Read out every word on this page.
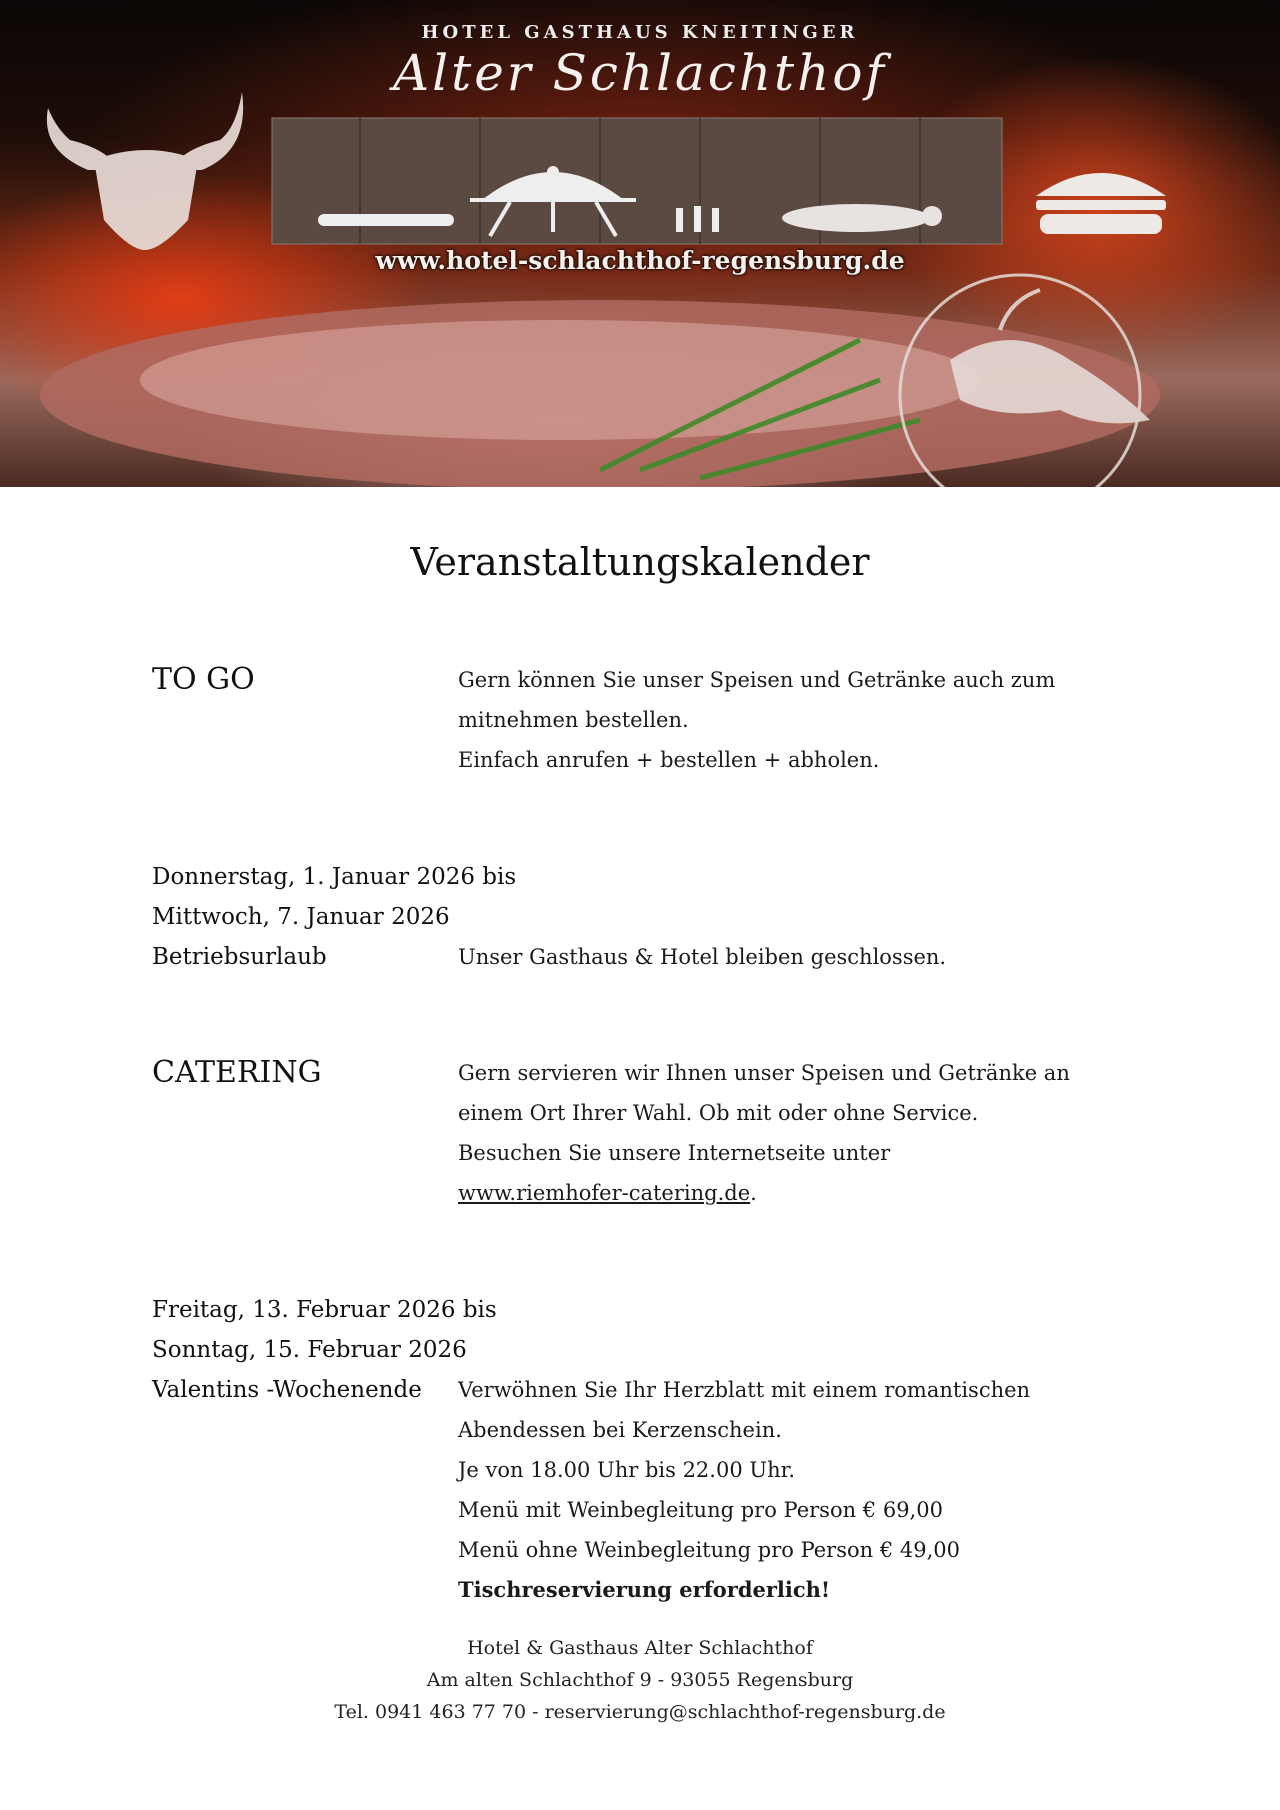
HOTEL GASTHAUS KNEITINGER
Alter Schlachthof
www.hotel-schlachthof-regensburg.de
Veranstaltungskalender
TO GO	Gern können Sie unser Speisen und Getränke auch zum
mitnehmen bestellen.
Einfach anrufen + bestellen + abholen.
Donnerstag, 1. Januar 2026 bis
Mittwoch, 7. Januar 2026
Betriebsurlaub	Unser Gasthaus & Hotel bleiben geschlossen.
CATERING	Gern servieren wir Ihnen unser Speisen und Getränke an
einem Ort Ihrer Wahl. Ob mit oder ohne Service.
Besuchen Sie unsere Internetseite unter
www.riemhofer-catering.de.
Freitag, 13. Februar 2026 bis
Sonntag, 15. Februar 2026
Valentins -Wochenende	Verwöhnen Sie Ihr Herzblatt mit einem romantischen
Abendessen bei Kerzenschein.
Je von 18.00 Uhr bis 22.00 Uhr.
Menü mit Weinbegleitung pro Person € 69,00
Menü ohne Weinbegleitung pro Person € 49,00
Tischreservierung erforderlich!
Hotel & Gasthaus Alter Schlachthof
Am alten Schlachthof 9 - 93055 Regensburg
Tel. 0941 463 77 70 - reservierung@schlachthof-regensburg.de
